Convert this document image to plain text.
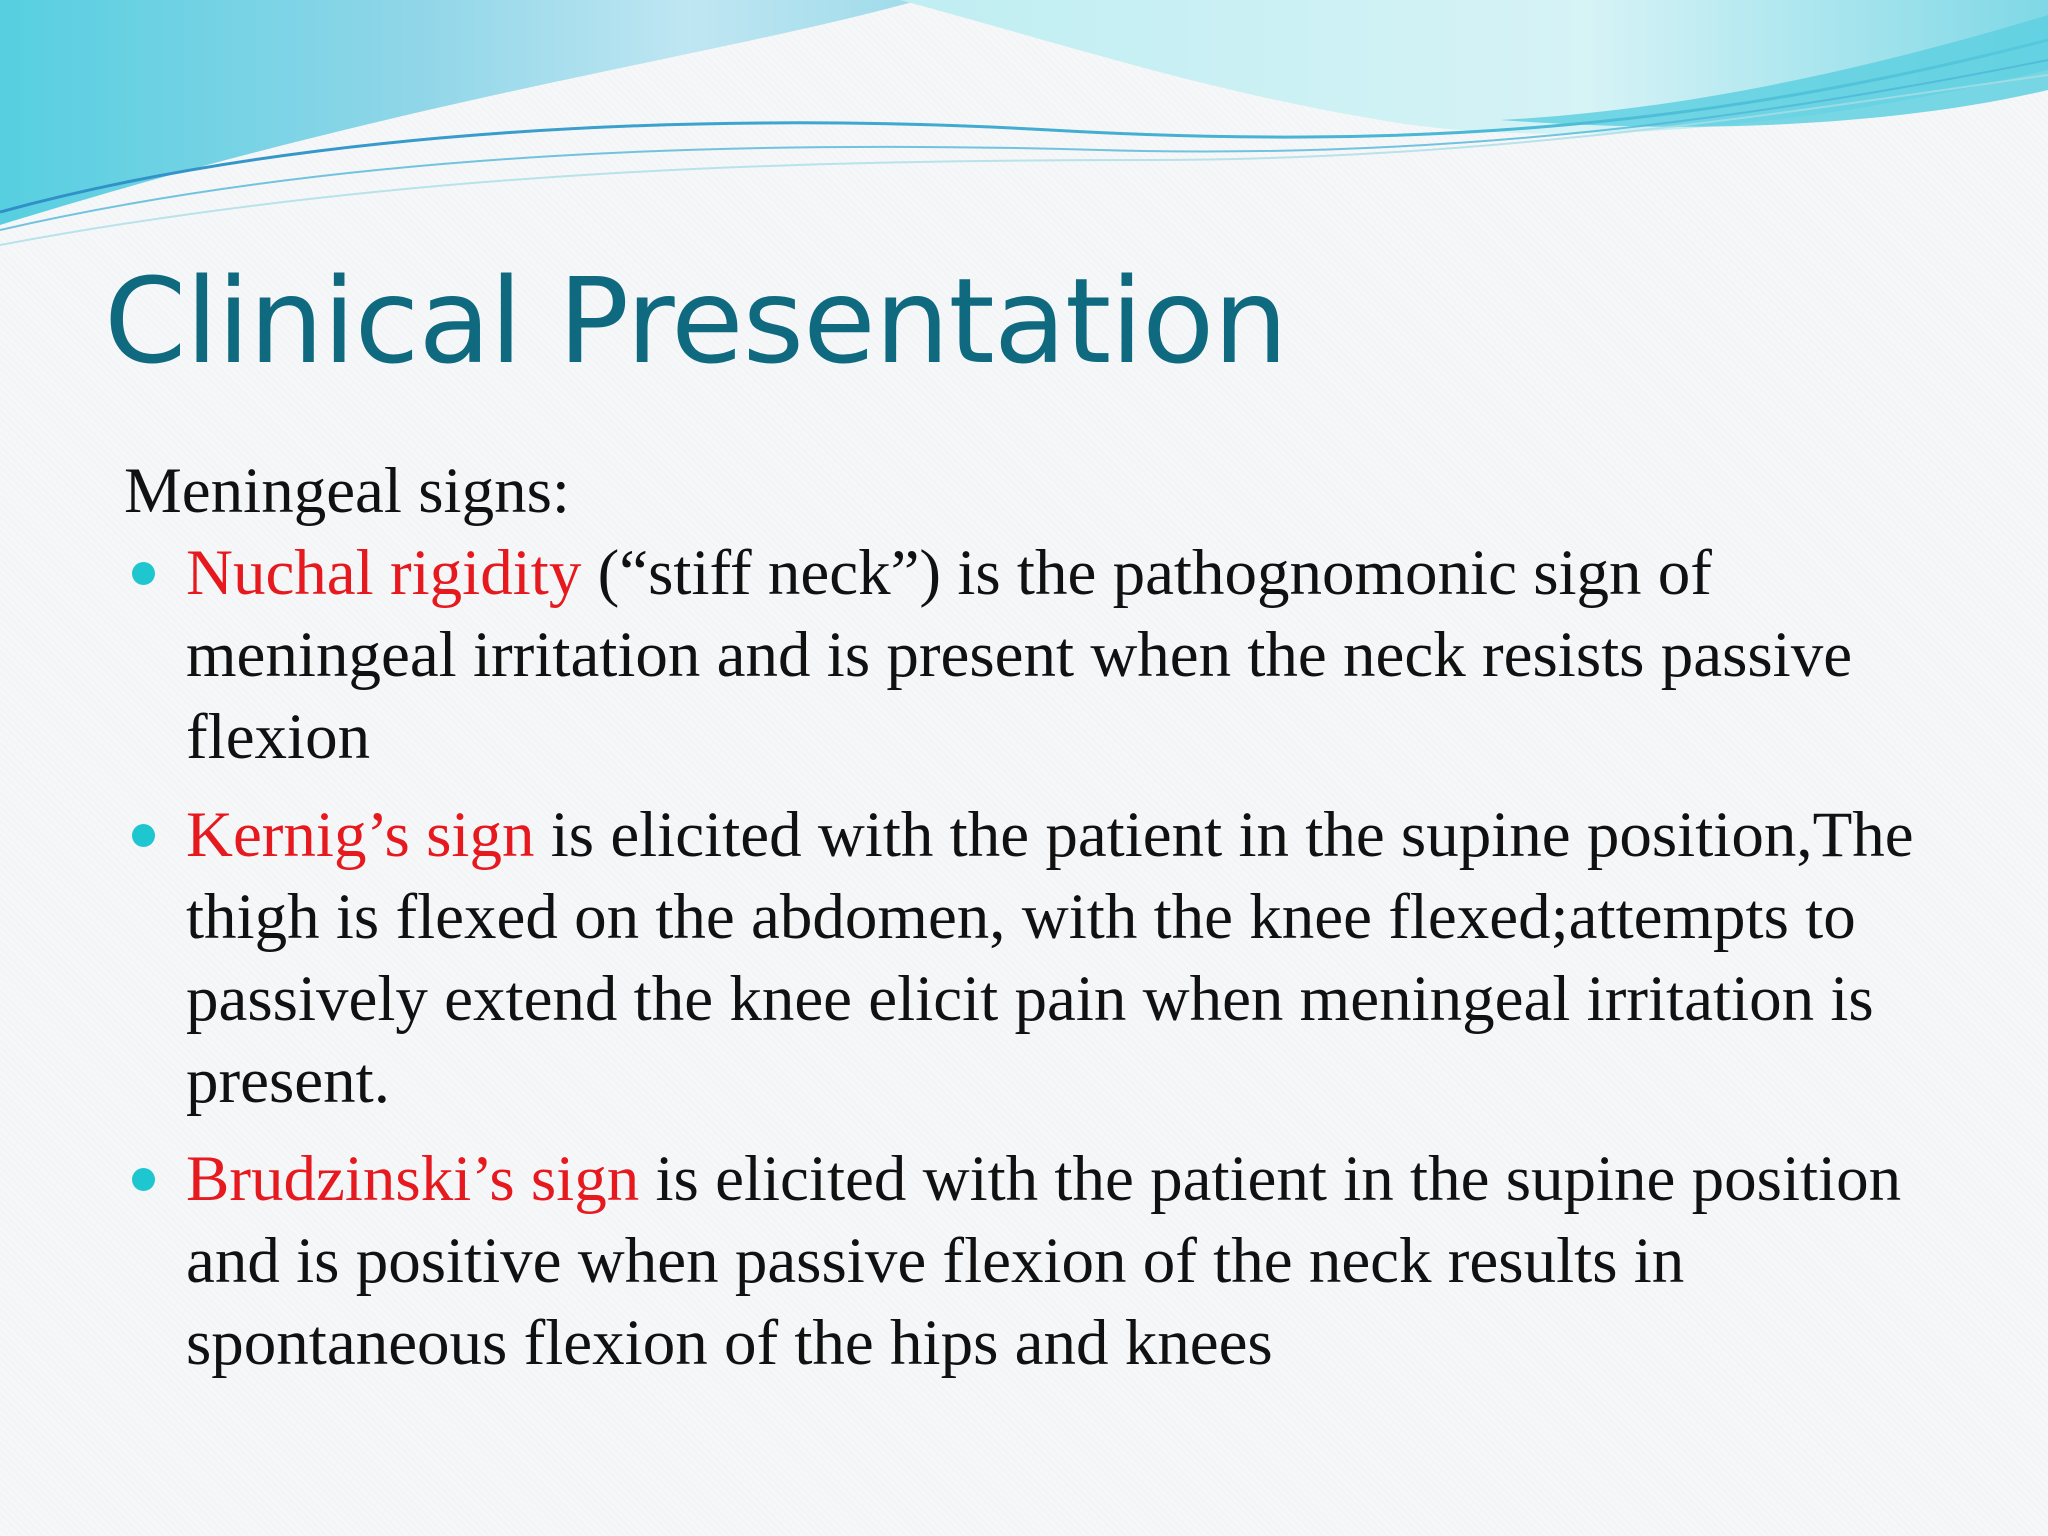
Clinical Presentation

Meningeal signs:

Nuchal rigidity (“stiff neck”) is the pathognomonic sign of meningeal irritation and is present when the neck resists passive flexion
Kernig’s sign is elicited with the patient in the supine position,The thigh is flexed on the abdomen, with the knee flexed;attempts to passively extend the knee elicit pain when meningeal irritation is present.
Brudzinski’s sign is elicited with the patient in the supine position and is positive when passive flexion of the neck results in spontaneous flexion of the hips and knees
